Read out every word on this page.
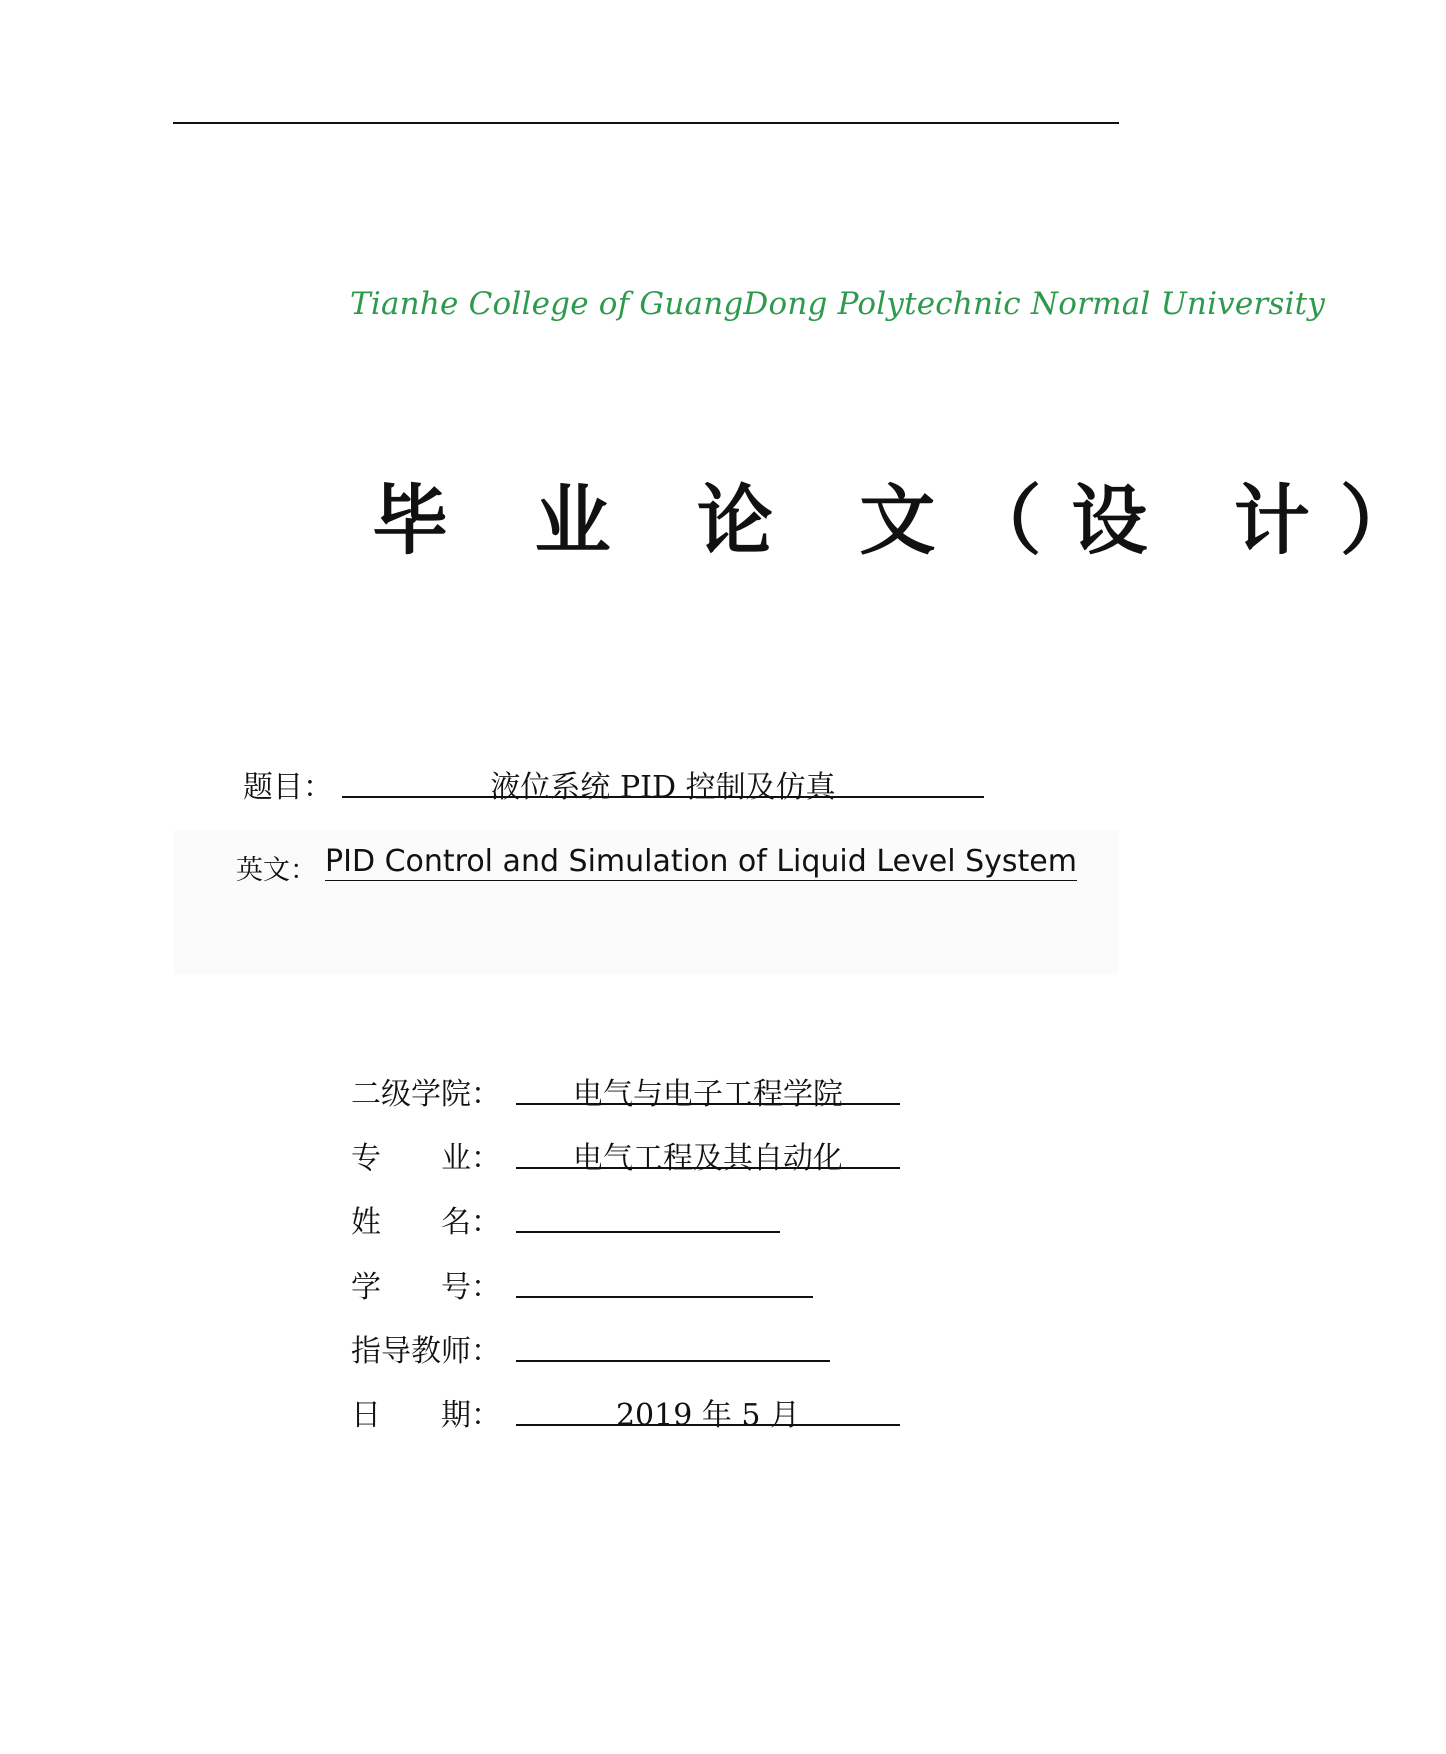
Tianhe College of GuangDong Polytechnic Normal University
毕 业 论 文（设 计）
题目：	液位系统 PID 控制及仿真
英文： PID Control and Simulation of Liquid Level System
二级学院：	电气与电子工程学院
专　　业：	电气工程及其自动化
姓　　名：
学　　号：
指导教师：
日　　期：	2019 年 5 月
